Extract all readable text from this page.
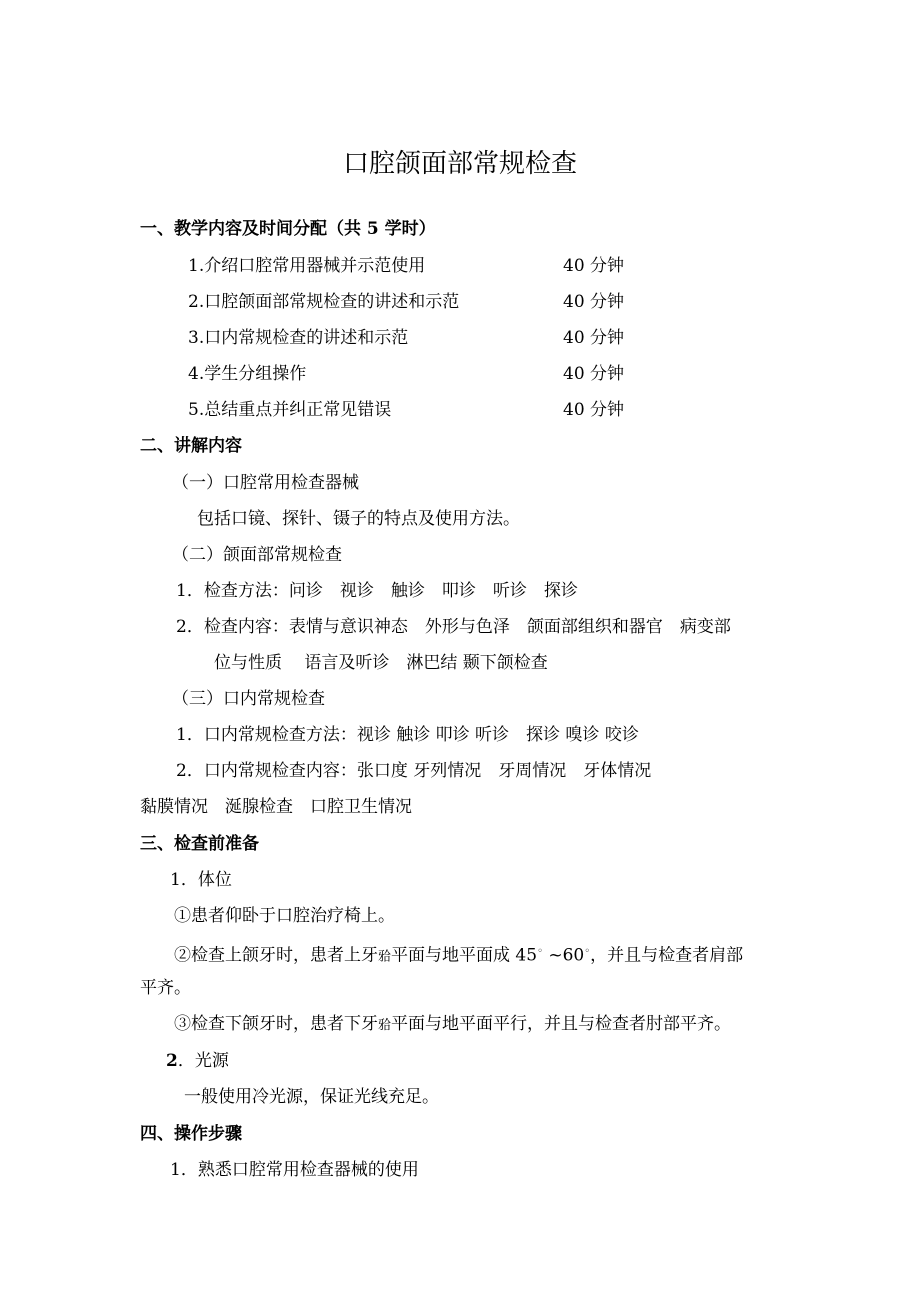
口腔颌面部常规检查
一、教学内容及时间分配（共 5 学时）
1.介绍口腔常用器械并示范使用	40 分钟
2.口腔颌面部常规检查的讲述和示范	40 分钟
3.口内常规检查的讲述和示范	40 分钟
4.学生分组操作	40 分钟
5.总结重点并纠正常见错误	40 分钟
二、讲解内容
（一）口腔常用检查器械
包括口镜、探针、镊子的特点及使用方法。
（二）颌面部常规检查
1．检查方法：问诊　视诊　触诊　叩诊　听诊　探诊
2．检查内容：表情与意识神态　外形与色泽　颌面部组织和器官　病变部
位与性质　 语言及听诊　淋巴结 颞下颌检查
（三）口内常规检查
1．口内常规检查方法：视诊 触诊 叩诊 听诊　探诊 嗅诊 咬诊
2．口内常规检查内容：张口度 牙列情况　牙周情况　牙体情况
黏膜情况　涎腺检查　口腔卫生情况
三、检查前准备
1．体位
①患者仰卧于口腔治疗椅上。
②检查上颌牙时，患者上牙𬌗平面与地平面成 45◦ ~60◦，并且与检查者肩部
平齐。
③检查下颌牙时，患者下牙𬌗平面与地平面平行，并且与检查者肘部平齐。
2．光源
一般使用冷光源，保证光线充足。
四、操作步骤
1．熟悉口腔常用检查器械的使用
